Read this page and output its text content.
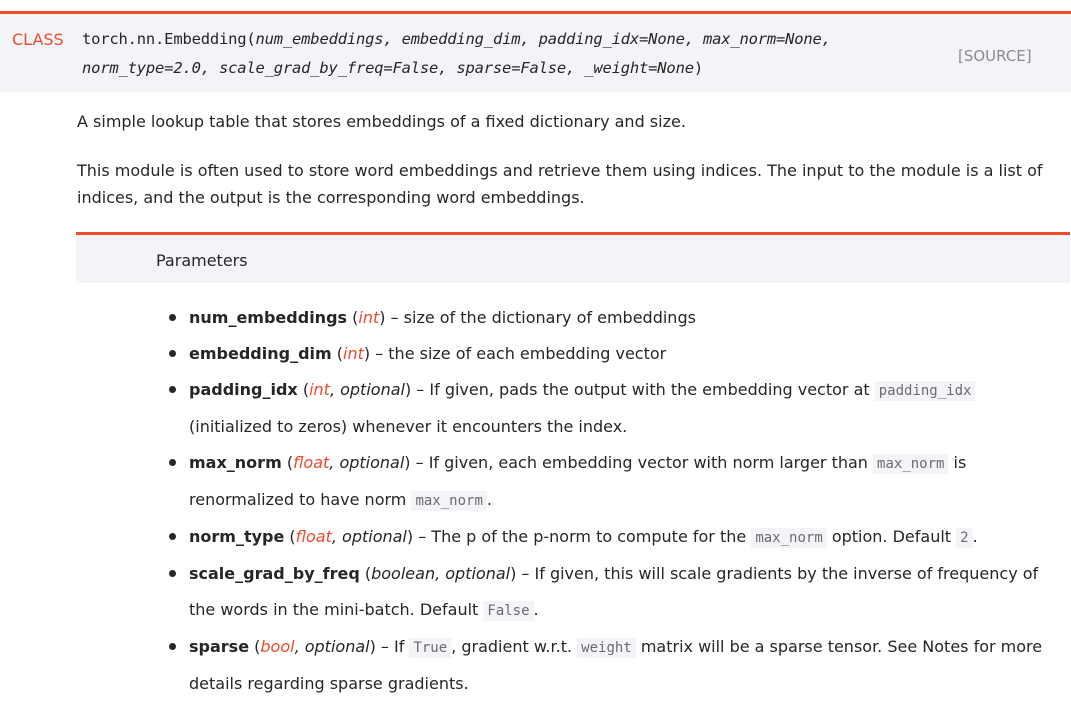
CLASS torch.nn.Embedding(num_embeddings, embedding_dim, padding_idx=None, max_norm=None,
norm_type=2.0, scale_grad_by_freq=False, sparse=False, _weight=None)
[SOURCE]

A simple lookup table that stores embeddings of a fixed dictionary and size.

This module is often used to store word embeddings and retrieve them using indices. The input to the module is a list of indices, and the output is the corresponding word embeddings.

Parameters
num_embeddings (int) – size of the dictionary of embeddings
embedding_dim (int) – the size of each embedding vector
padding_idx (int, optional) – If given, pads the output with the embedding vector at padding_idx (initialized to zeros) whenever it encounters the index.
max_norm (float, optional) – If given, each embedding vector with norm larger than max_norm is renormalized to have norm max_norm .
norm_type (float, optional) – The p of the p-norm to compute for the max_norm option. Default 2 .
scale_grad_by_freq (boolean, optional) – If given, this will scale gradients by the inverse of frequency of the words in the mini-batch. Default False .
sparse (bool, optional) – If True , gradient w.r.t. weight matrix will be a sparse tensor. See Notes for more details regarding sparse gradients.
